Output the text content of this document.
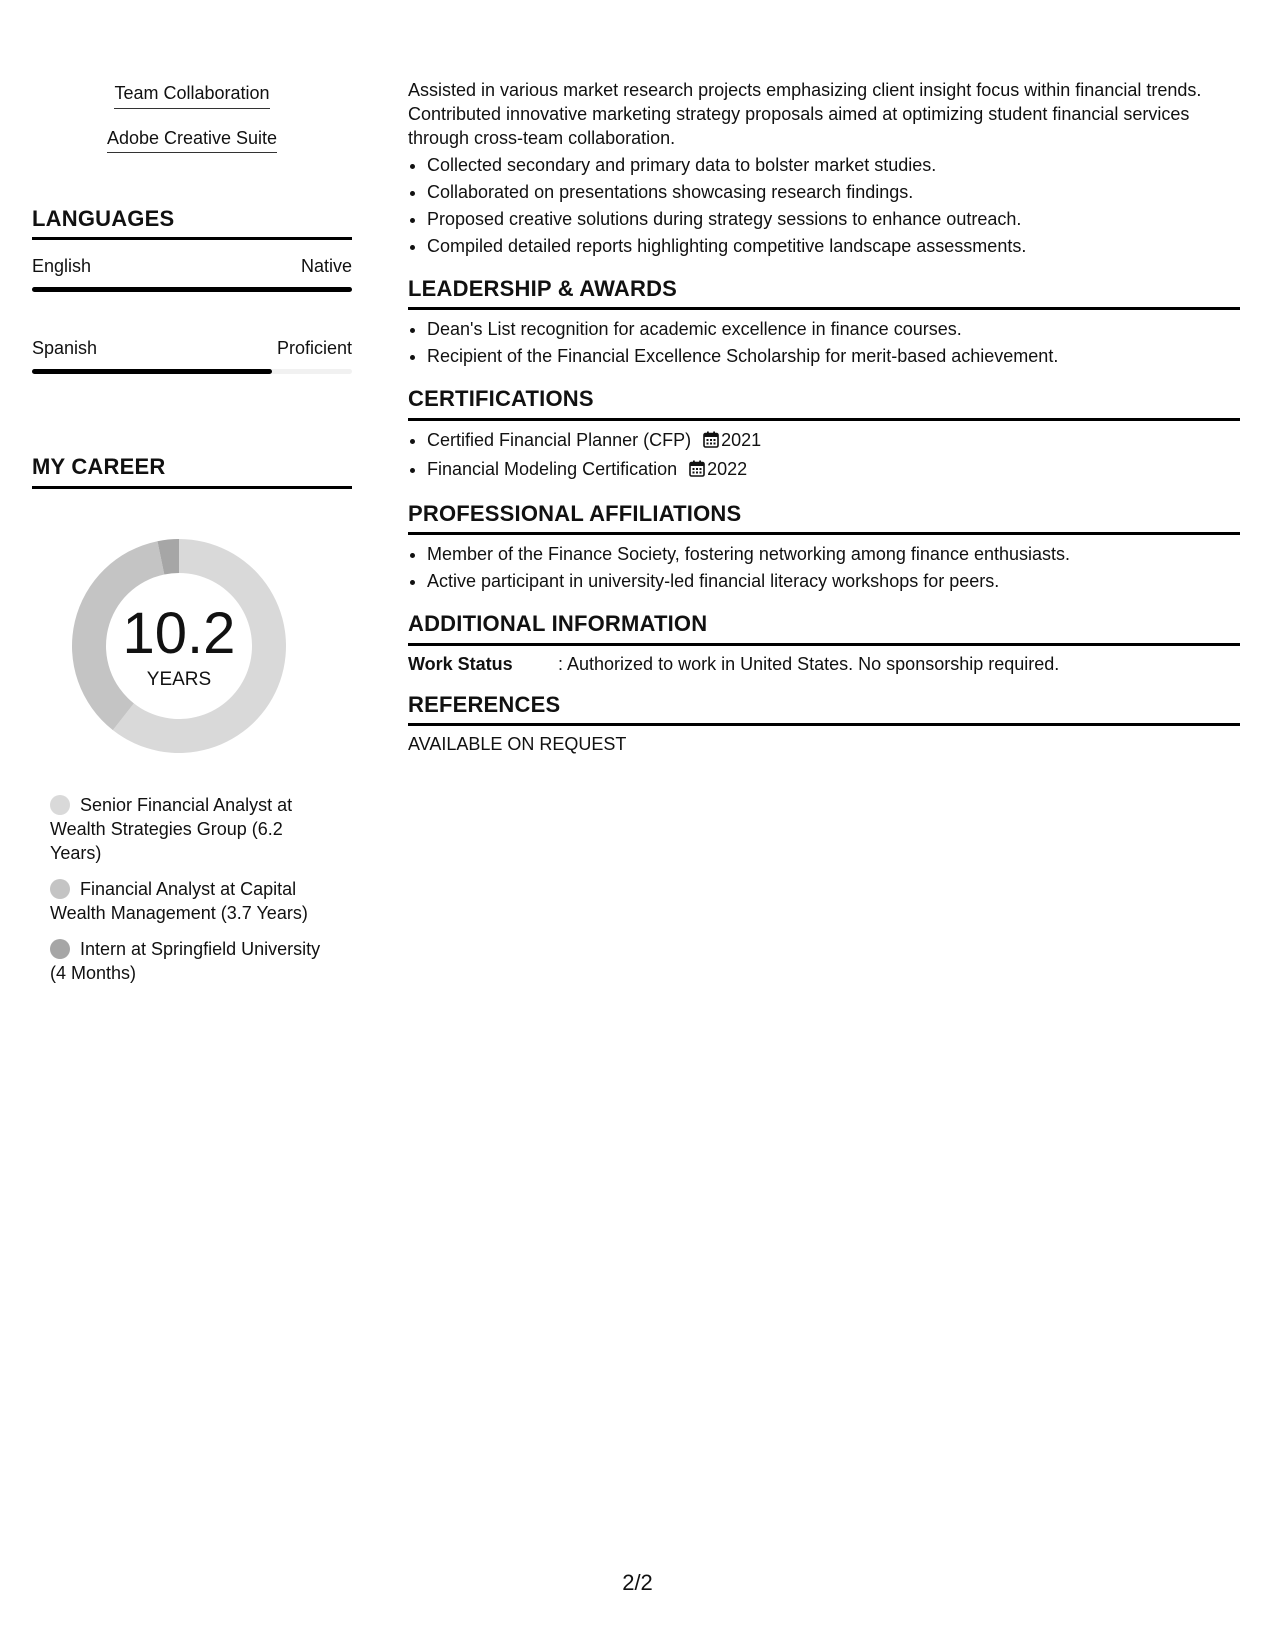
Team Collaboration
Adobe Creative Suite
LANGUAGES
English	Native
Spanish	Proficient
MY CAREER
10.2
YEARS
Senior Financial Analyst at Wealth Strategies Group (6.2 Years)
Financial Analyst at Capital Wealth Management (3.7 Years)
Intern at Springfield University (4 Months)

Assisted in various market research projects emphasizing client insight focus within financial trends. Contributed innovative marketing strategy proposals aimed at optimizing student financial services through cross-team collaboration.

• Collected secondary and primary data to bolster market studies.
• Collaborated on presentations showcasing research findings.
• Proposed creative solutions during strategy sessions to enhance outreach.
• Compiled detailed reports highlighting competitive landscape assessments.
LEADERSHIP & AWARDS
• Dean's List recognition for academic excellence in finance courses.
• Recipient of the Financial Excellence Scholarship for merit-based achievement.
CERTIFICATIONS
• Certified Financial Planner (CFP) 2021
• Financial Modeling Certification 2022
PROFESSIONAL AFFILIATIONS
• Member of the Finance Society, fostering networking among finance enthusiasts.
• Active participant in university-led financial literacy workshops for peers.
ADDITIONAL INFORMATION
Work Status	: Authorized to work in United States. No sponsorship required.
REFERENCES
AVAILABLE ON REQUEST
2/2
